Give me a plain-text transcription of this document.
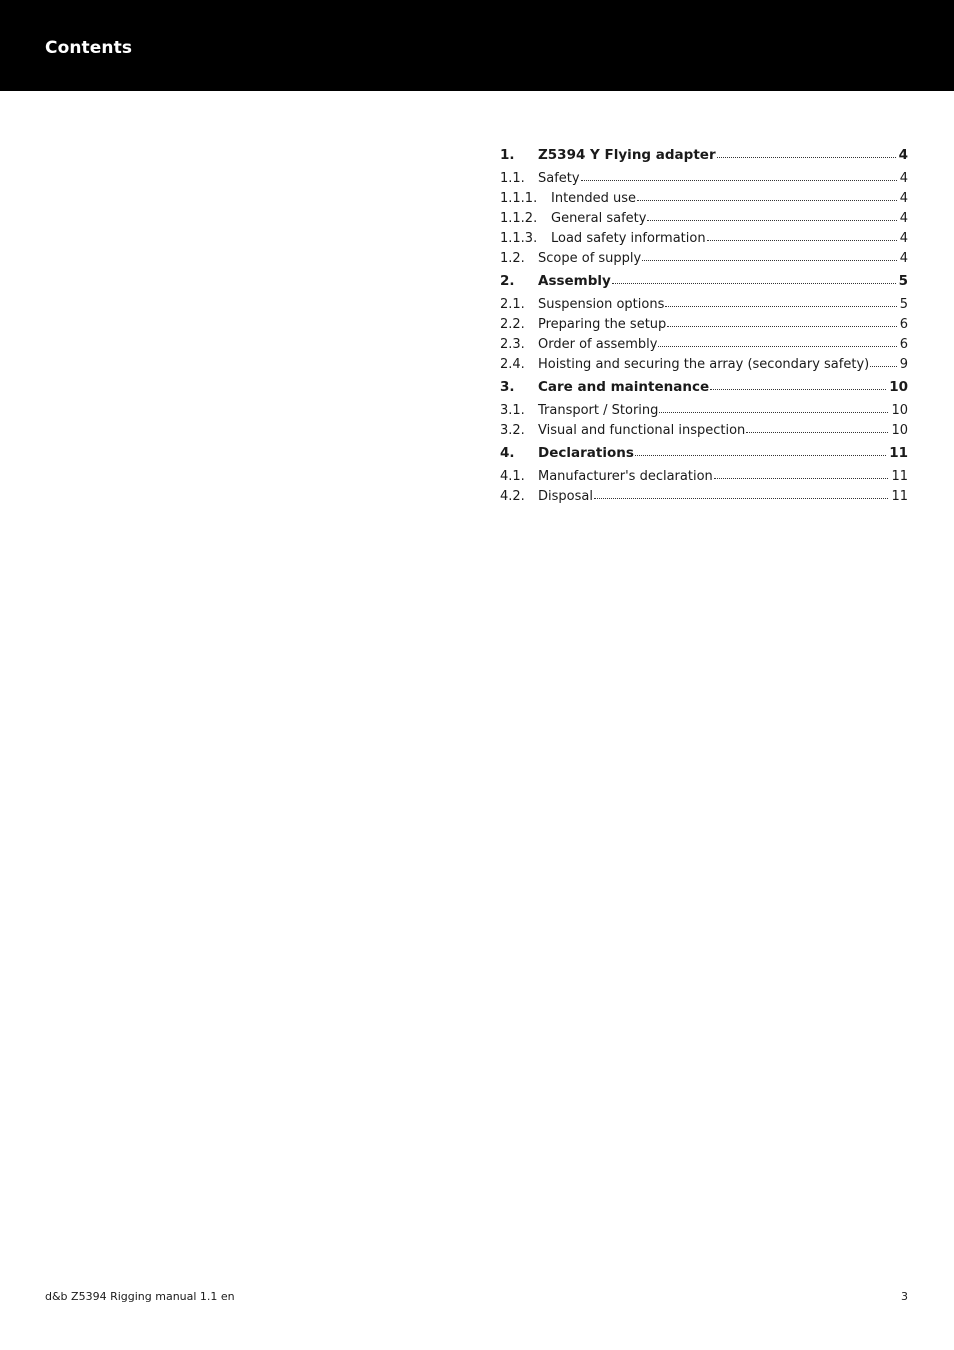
Contents
1.	Z5394 Y Flying adapter	4
1.1.	Safety	4
1.1.1.	Intended use	4
1.1.2.	General safety	4
1.1.3.	Load safety information	4
1.2.	Scope of supply	4
2.	Assembly	5
2.1.	Suspension options	5
2.2.	Preparing the setup	6
2.3.	Order of assembly	6
2.4.	Hoisting and securing the array (secondary safety) 9
3.	Care and maintenance	10
3.1.	Transport / Storing	10
3.2.	Visual and functional inspection	10
4.	Declarations	11
4.1.	Manufacturer's declaration	11
4.2.	Disposal	11
d&b Z5394 Rigging manual 1.1 en	3
